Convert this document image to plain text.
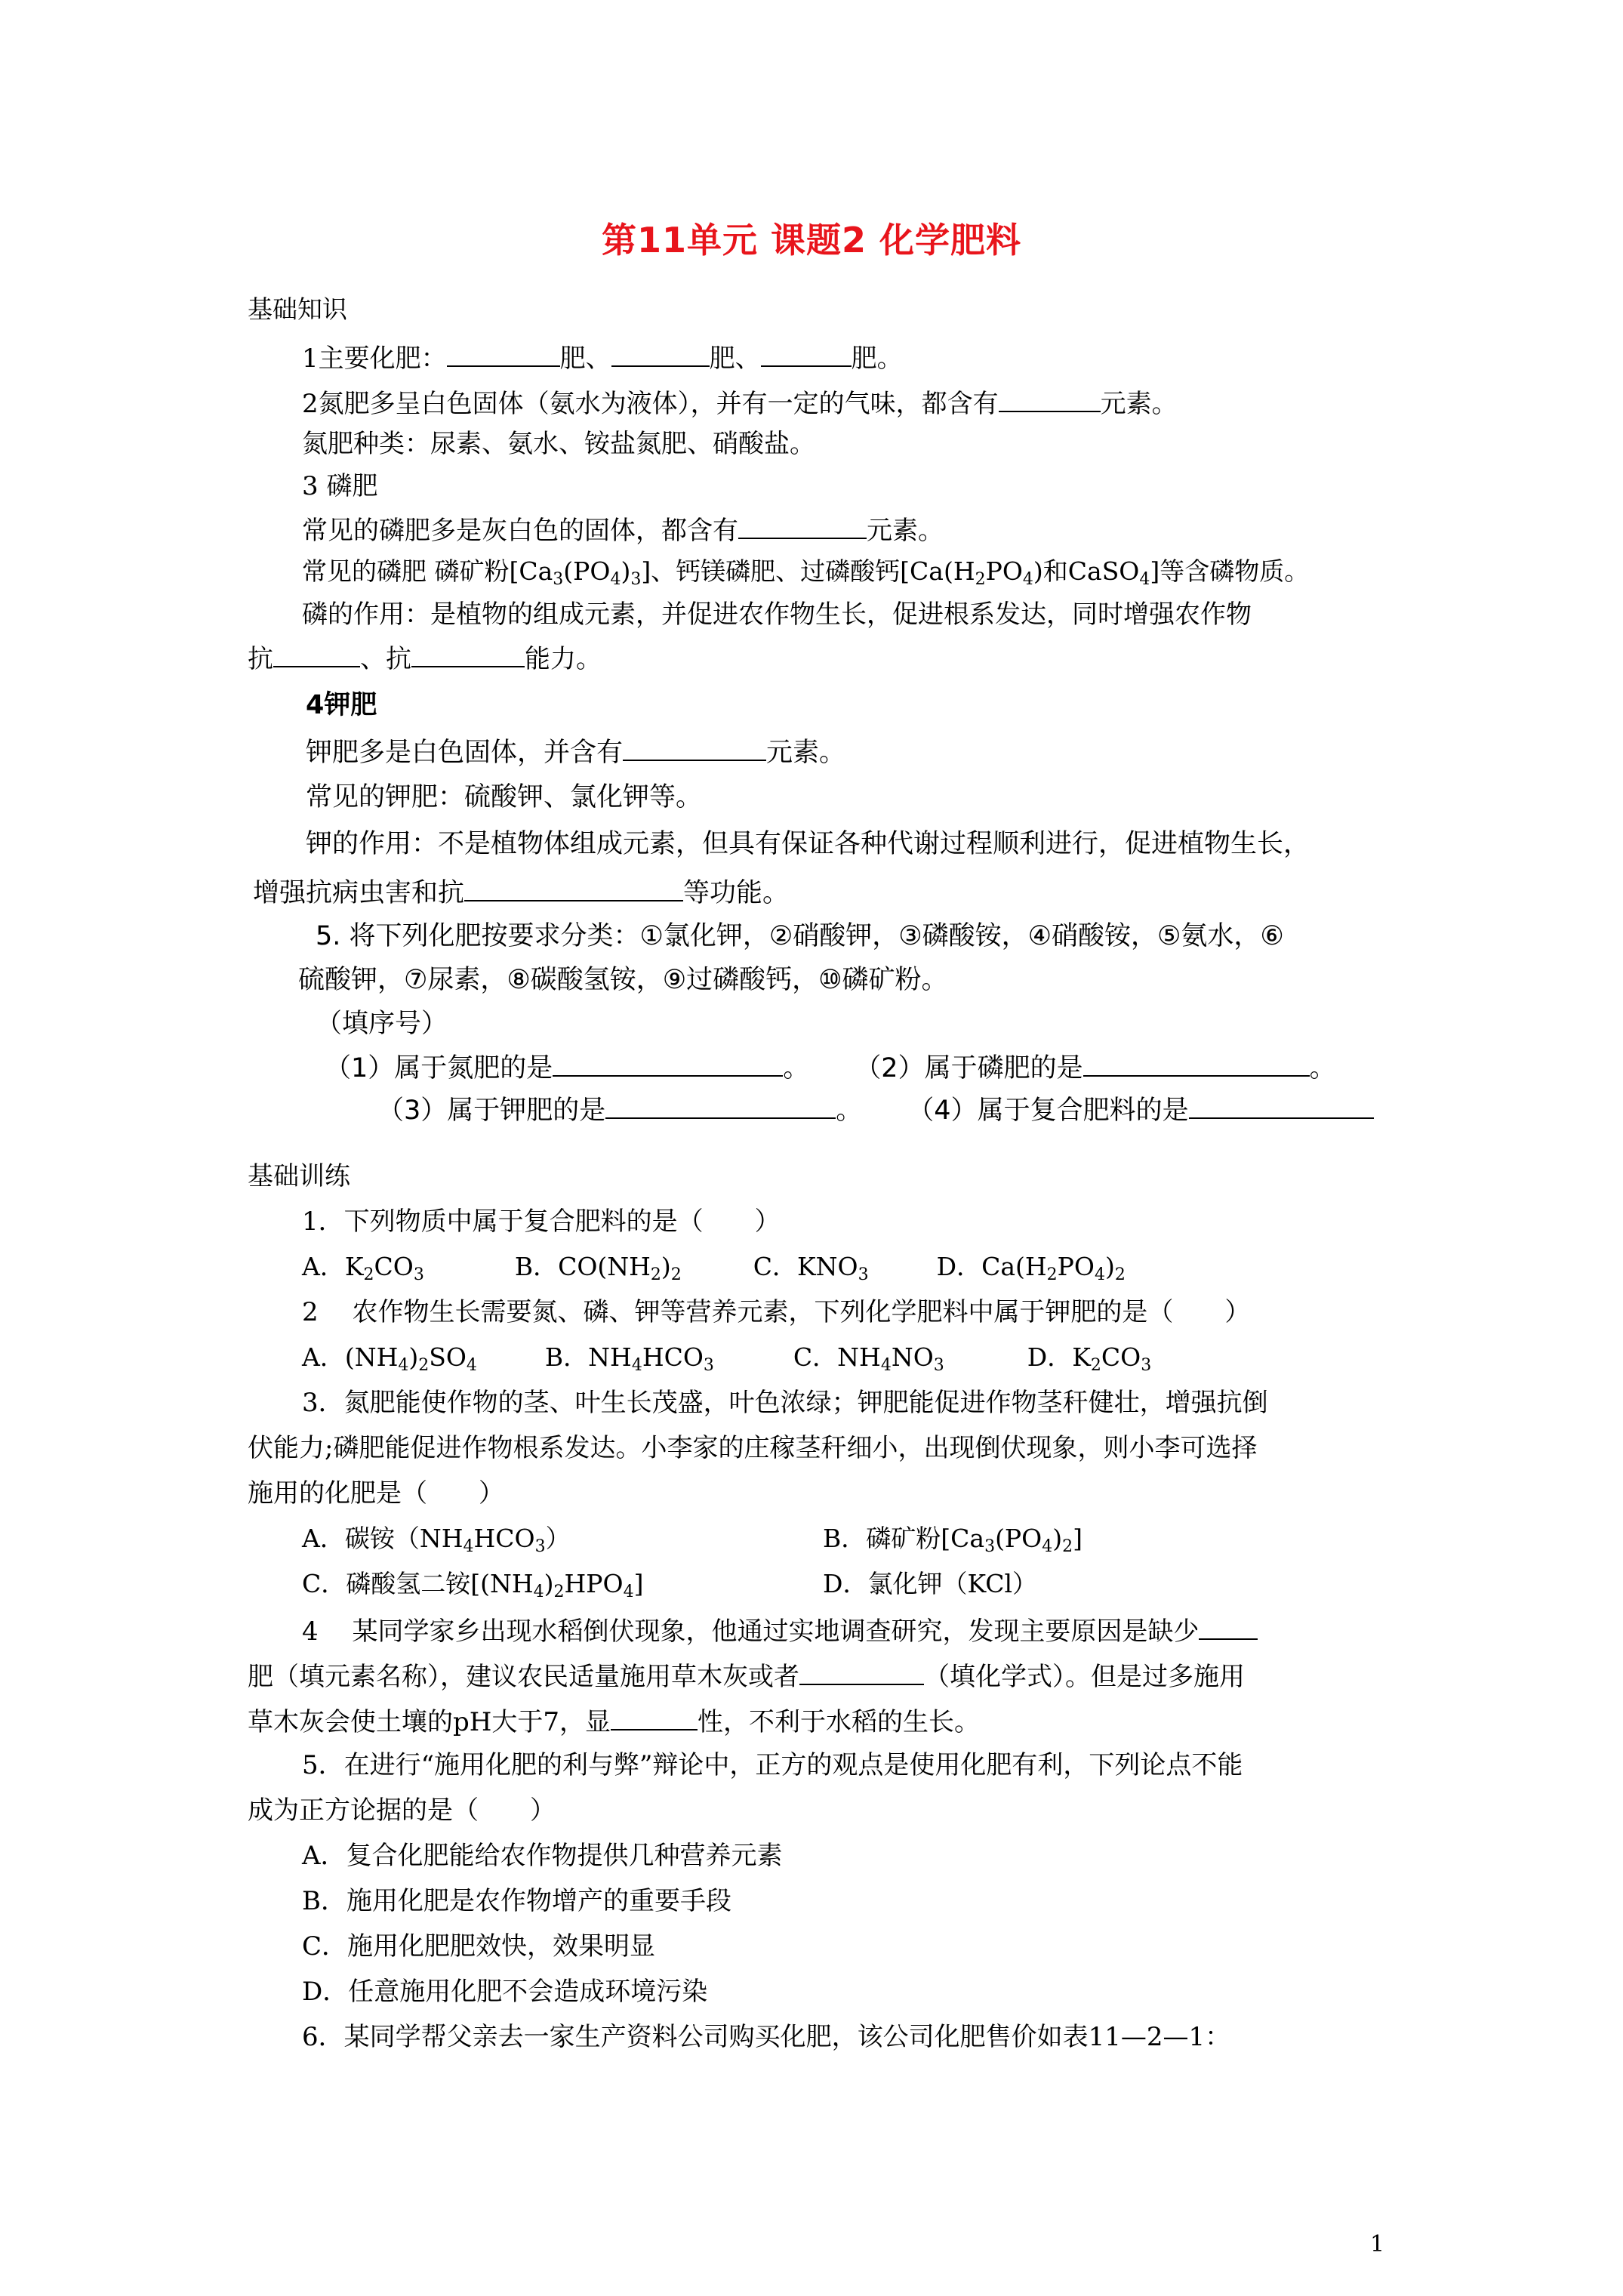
第11单元 课题2 化学肥料
基础知识
1主要化肥：	肥、	肥、	肥。
2氮肥多呈白色固体（氨水为液体），并有一定的气味，都含有	元素。
氮肥种类：尿素、氨水、铵盐氮肥、硝酸盐。
3 磷肥
常见的磷肥多是灰白色的固体，都含有	元素。
常见的磷肥 磷矿粉$[Ca_3(PO_4)_3]$、钙镁磷肥、过磷酸钙[$Ca(H_2PO_4)$和CaSO$_4$]等含磷物质。
磷的作用：是植物的组成元素，并促进农作物生长，促进根系发达，同时增强农作物
抗	、抗	能力。
4钾肥
钾肥多是白色固体，并含有	元素。
常见的钾肥：硫酸钾、氯化钾等。
钾的作用：不是植物体组成元素，但具有保证各种代谢过程顺利进行，促进植物生长，
增强抗病虫害和抗	等功能。
5. 将下列化肥按要求分类：①氯化钾，②硝酸钾，③磷酸铵，④硝酸铵，⑤氨水，⑥
硫酸钾，⑦尿素，⑧碳酸氢铵，⑨过磷酸钙，⑩磷矿粉。
（填序号）
（1）属于氮肥的是	。 （2）属于磷肥的是	。
（3）属于钾肥的是	。 （4）属于复合肥料的是
基础训练
1．下列物质中属于复合肥料的是（　　）
A．$K_2CO_3$	B．$CO(NH_2)_2$	C．$KNO_3$	D．$Ca(H_2PO_4)_2$
2　 农作物生长需要氮、磷、钾等营养元素，下列化学肥料中属于钾肥的是（　　）
A．$(NH_4)_2SO_4$	B．$NH_4HCO_3$	C．$NH_4NO_3$	D．$K_2CO_3$
3．氮肥能使作物的茎、叶生长茂盛，叶色浓绿；钾肥能促进作物茎秆健壮，增强抗倒
伏能力;磷肥能促进作物根系发达。小李家的庄稼茎秆细小，出现倒伏现象，则小李可选择
施用的化肥是（　　）
A．碳铵$(NH_4HCO_3)$	B．磷矿粉$[Ca_3(PO_4)_2]$
C．磷酸氢二铵$[(NH_4)_2HPO_4]$	D．氯化钾（KCl）
4　 某同学家乡出现水稻倒伏现象，他通过实地调查研究，发现主要原因是缺少
肥（填元素名称），建议农民适量施用草木灰或者	（填化学式）。但是过多施用
草木灰会使土壤的pH大于7，显	性，不利于水稻的生长。
5．在进行“施用化肥的利与弊”辩论中，正方的观点是使用化肥有利，下列论点不能
成为正方论据的是（　　）
A．复合化肥能给农作物提供几种营养元素
B．施用化肥是农作物增产的重要手段
C．施用化肥肥效快，效果明显
D．任意施用化肥不会造成环境污染
6．某同学帮父亲去一家生产资料公司购买化肥，该公司化肥售价如表11—2—1：
1
